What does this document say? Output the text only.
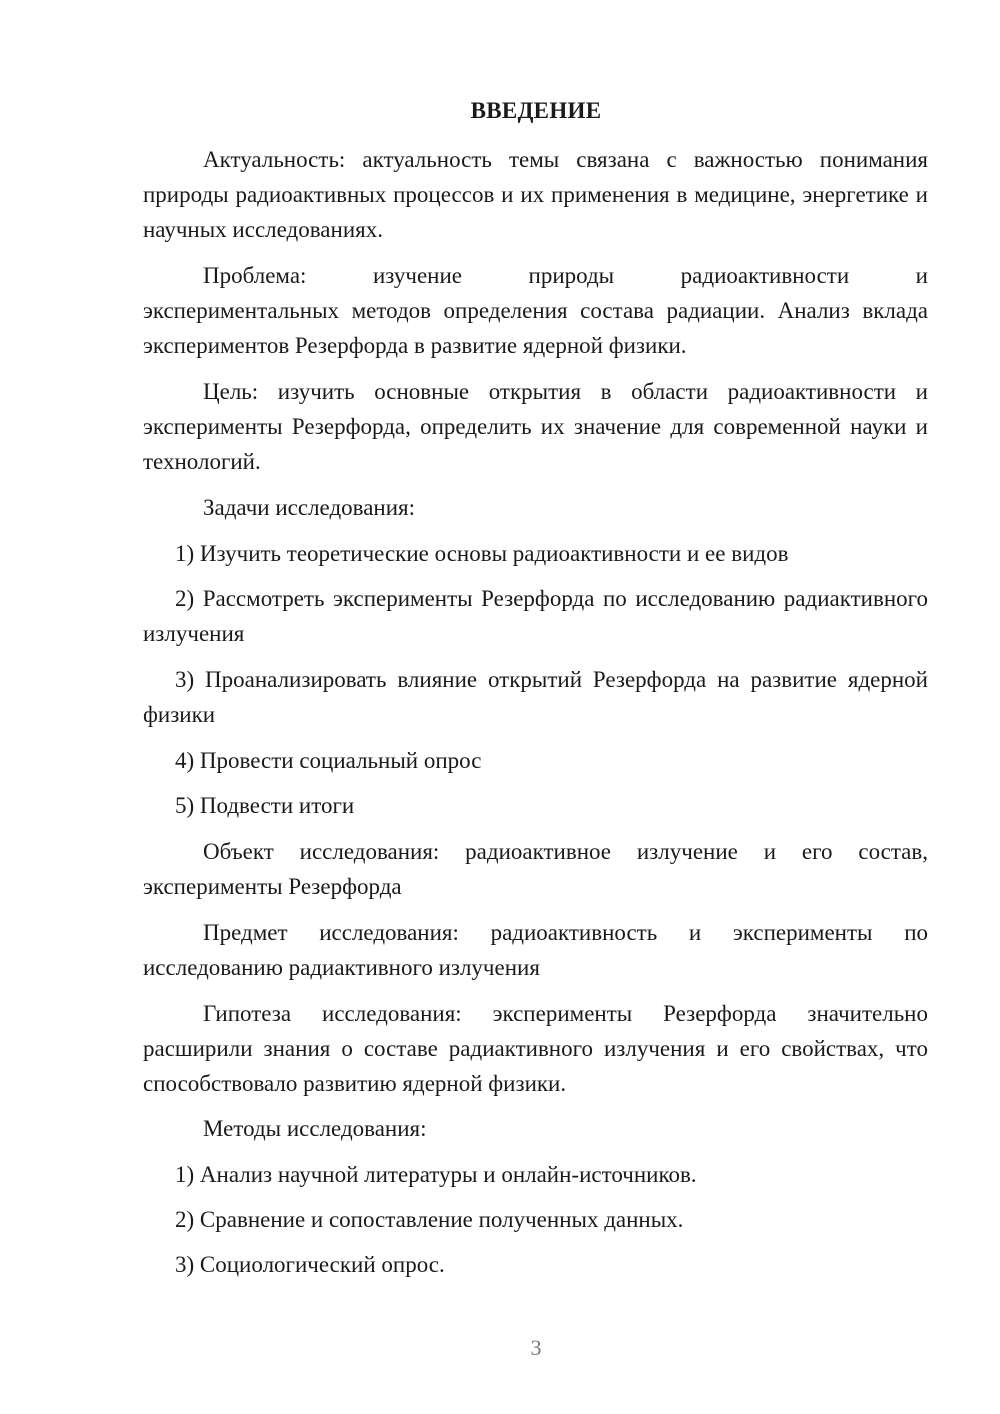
ВВЕДЕНИЕ

Актуальность: актуальность темы связана с важностью понимания природы радиоактивных процессов и их применения в медицине, энергетике и научных исследованиях.

Проблема: изучение природы радиоактивности и

экспериментальных методов определения состава радиации. Анализ вклада экспериментов Резерфорда в развитие ядерной физики.

Цель: изучить основные открытия в области радиоактивности и эксперименты Резерфорда, определить их значение для современной науки и технологий.

Задачи исследования:

1) Изучить теоретические основы радиоактивности и ее видов

2) Рассмотреть эксперименты Резерфорда по исследованию радиактивного излучения

3) Проанализировать влияние открытий Резерфорда на развитие ядерной физики

4) Провести социальный опрос

5) Подвести итоги

Объект исследования: радиоактивное излучение и его состав, эксперименты Резерфорда

Предмет исследования: радиоактивность и эксперименты по исследованию радиактивного излучения

Гипотеза исследования: эксперименты Резерфорда значительно расширили знания о составе радиактивного излучения и его свойствах, что способствовало развитию ядерной физики.

Методы исследования:

1) Анализ научной литературы и онлайн-источников.

2) Сравнение и сопоставление полученных данных.

3) Социологический опрос.

3
